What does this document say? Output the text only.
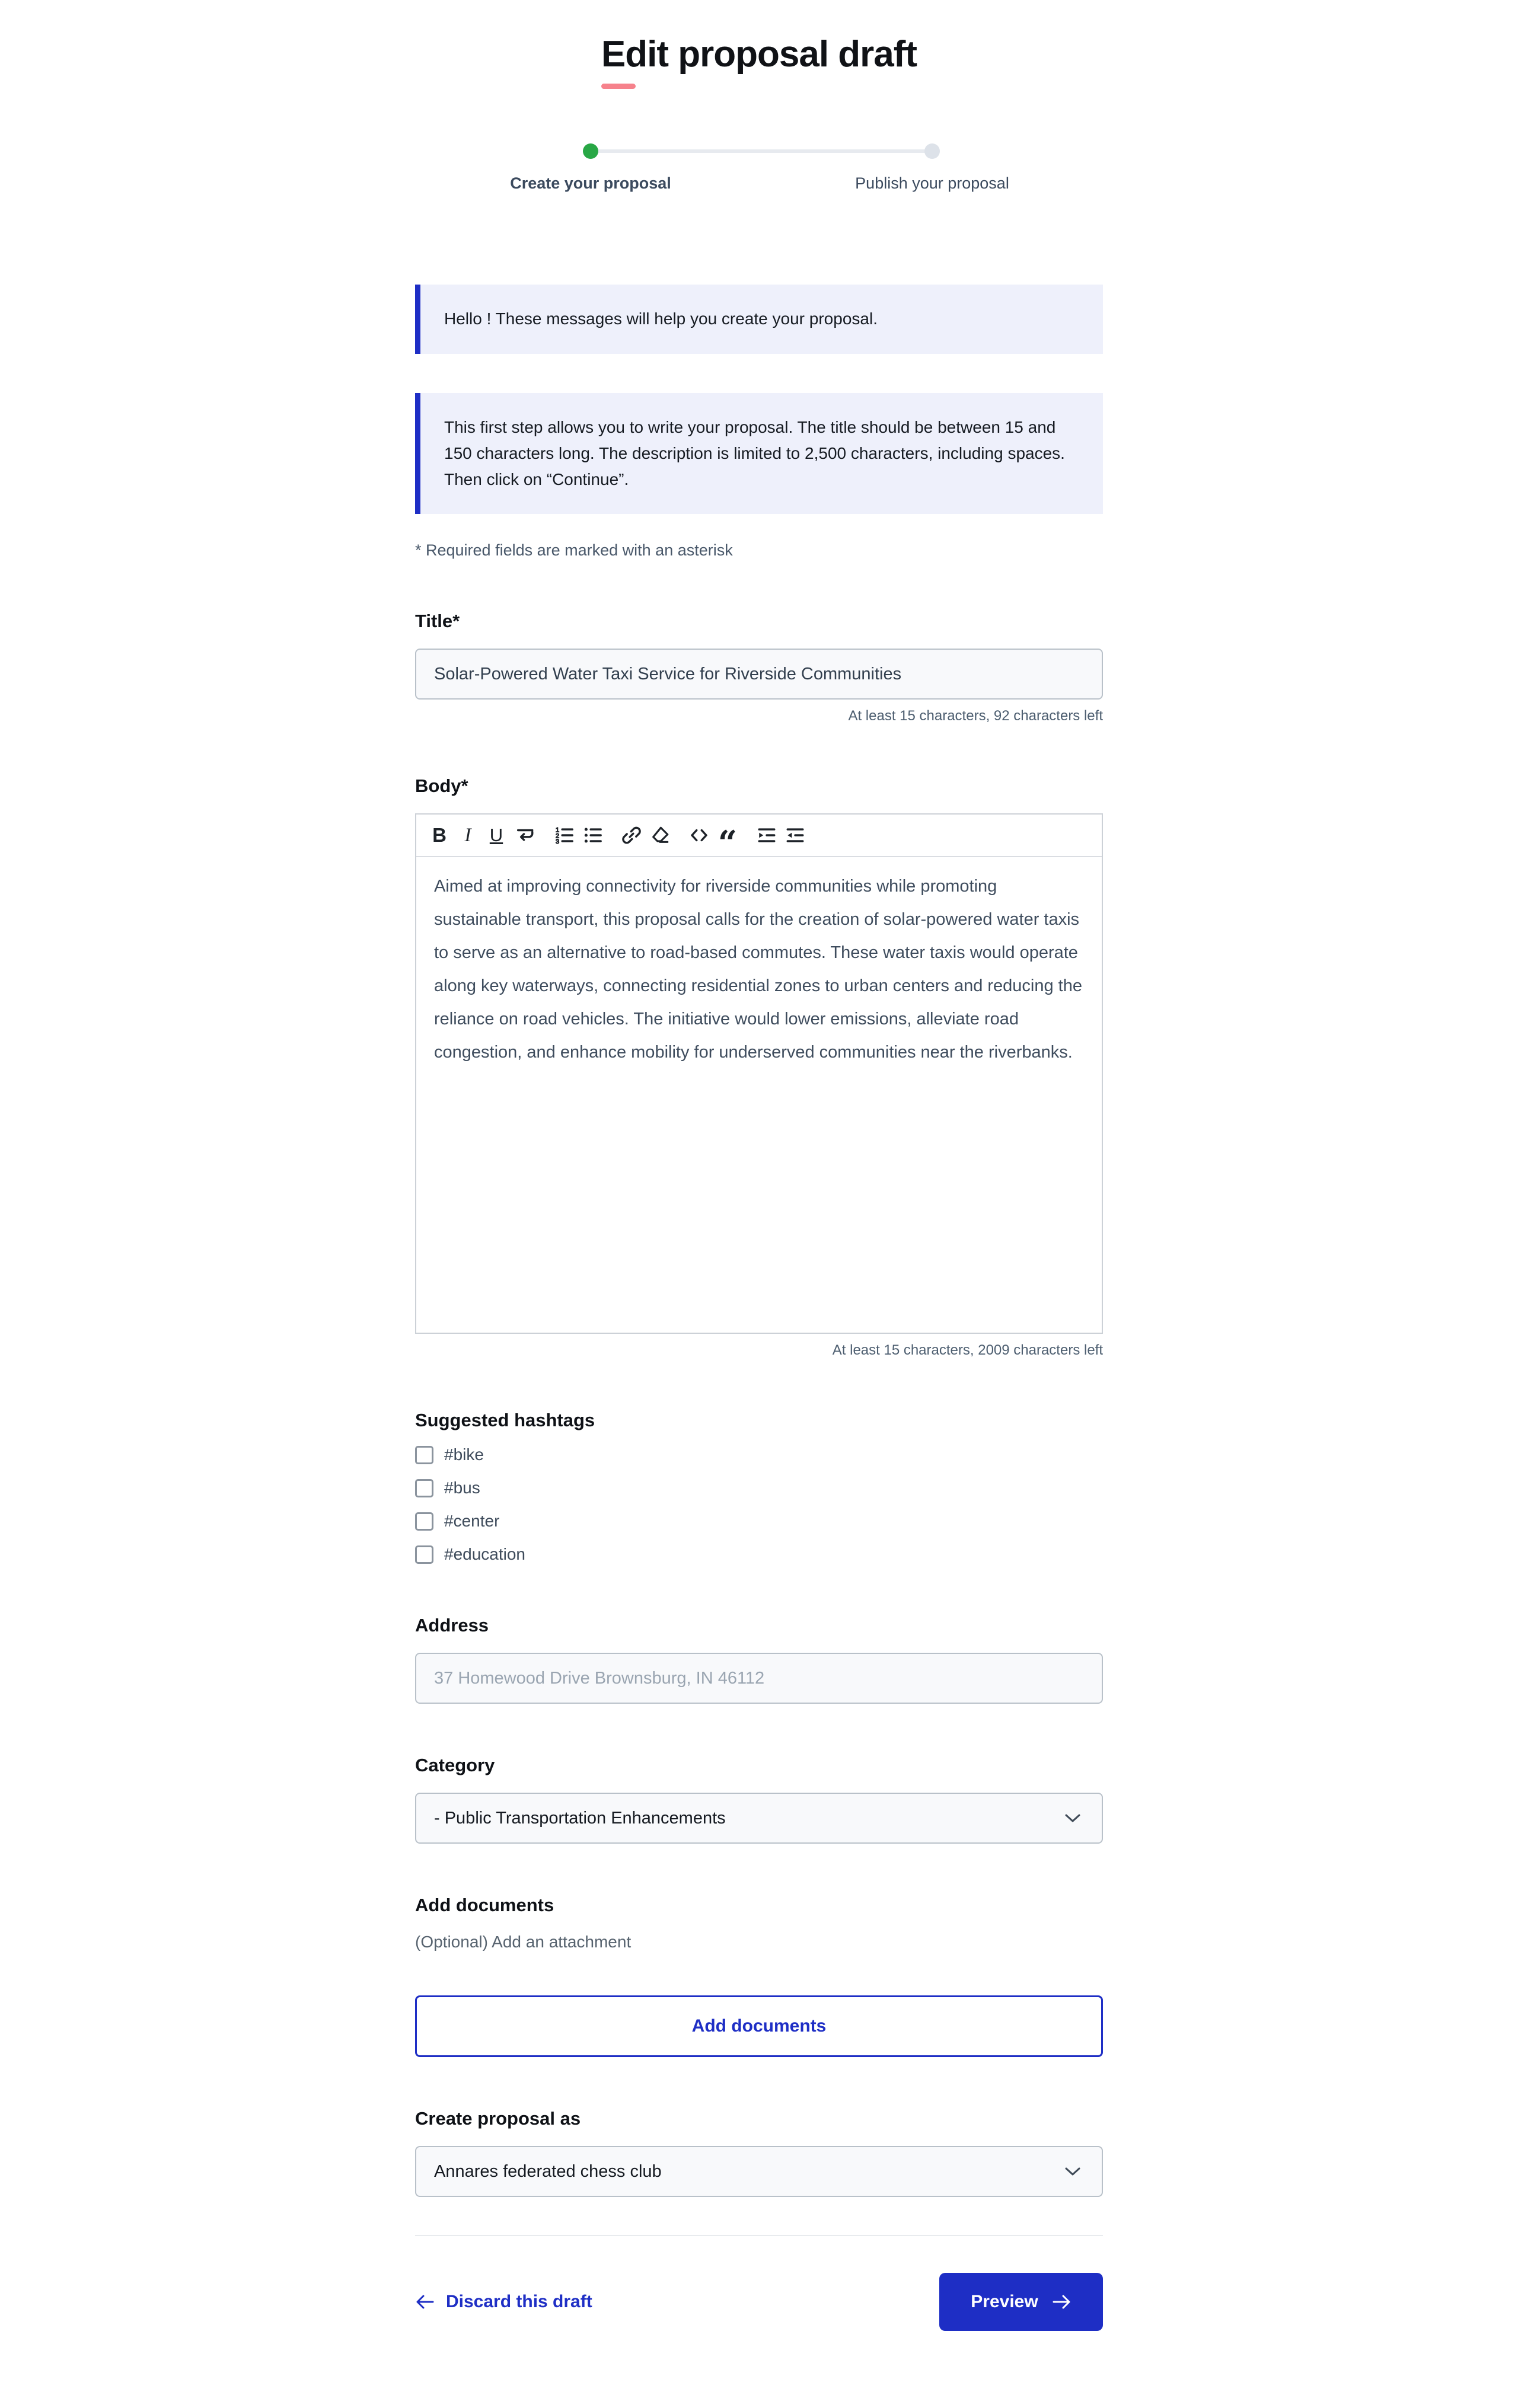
Edit proposal draft
Create your proposal	Publish your proposal
Hello ! These messages will help you create your proposal.
This first step allows you to write your proposal. The title should be between 15 and 150 characters long. The description is limited to 2,500 characters, including spaces. Then click on “Continue”.
* Required fields are marked with an asterisk
Title*
Solar-Powered Water Taxi Service for Riverside Communities
At least 15 characters, 92 characters left
Body*
B I U	1
2
3	“
Aimed at improving connectivity for riverside communities while promoting sustainable transport, this proposal calls for the creation of solar-powered water taxis to serve as an alternative to road-based commutes. These water taxis would operate along key waterways, connecting residential zones to urban centers and reducing the reliance on road vehicles. The initiative would lower emissions, alleviate road congestion, and enhance mobility for underserved communities near the riverbanks.
At least 15 characters, 2009 characters left
Suggested hashtags
#bike
#bus
#center
#education
Address
37 Homewood Drive Brownsburg, IN 46112
Category
- Public Transportation Enhancements
Add documents
(Optional) Add an attachment
Add documents
Create proposal as
Annares federated chess club
Discard this draft	Preview
